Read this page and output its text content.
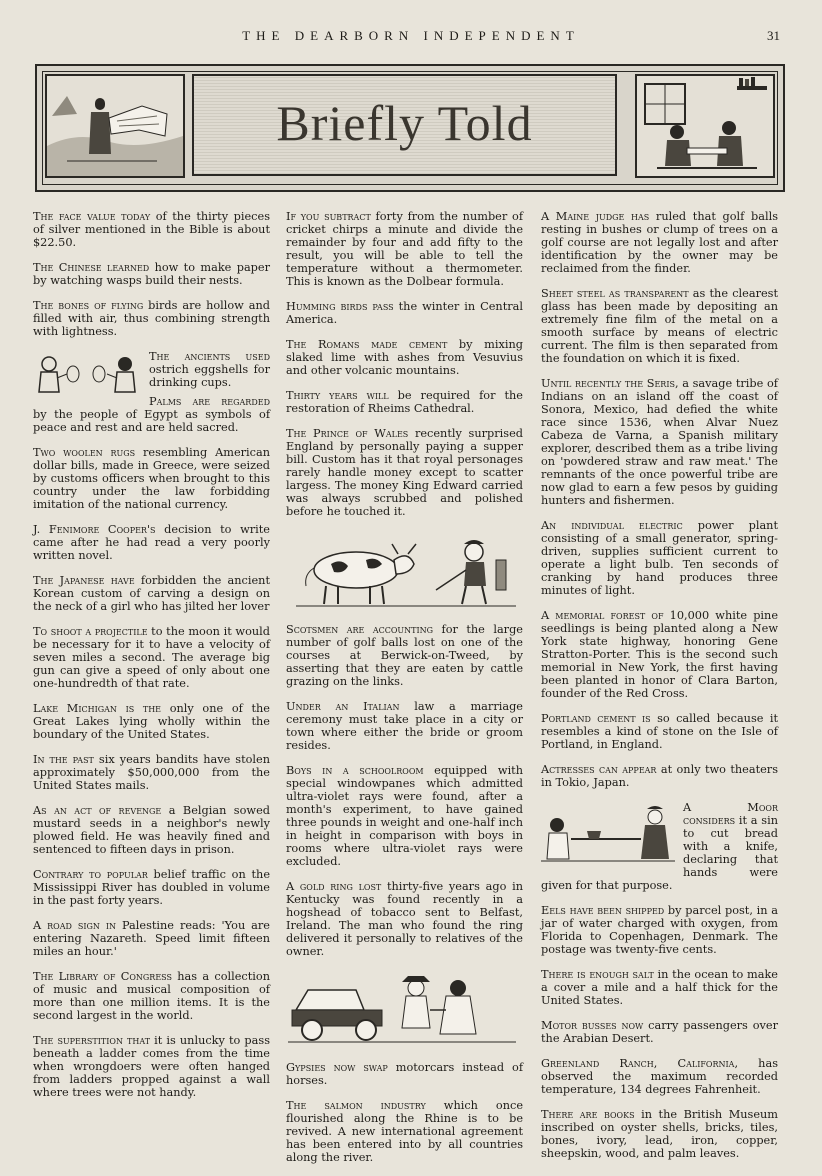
THE DEARBORN INDEPENDENT	31
Briefly Told

The face value today of the thirty pieces of silver mentioned in the Bible is about $22.50.

The Chinese learned how to make paper by watching wasps build their nests.

The bones of flying birds are hollow and filled with air, thus combining strength with lightness.

The ancients used ostrich eggshells for drinking cups.

Palms are regarded by the people of Egypt as symbols of peace and rest and are held sacred.

Two woolen rugs resembling American dollar bills, made in Greece, were seized by customs officers when brought to this country under the law forbidding imitation of the national currency.

J. Fenimore Cooper's decision to write came after he had read a very poorly written novel.

The Japanese have forbidden the ancient Korean custom of carving a design on the neck of a girl who has jilted her lover

To shoot a projectile to the moon it would be necessary for it to have a velocity of seven miles a second. The average big gun can give a speed of only about one one-hundredth of that rate.

Lake Michigan is the only one of the Great Lakes lying wholly within the boundary of the United States.

In the past six years bandits have stolen approximately $50,000,000 from the United States mails.

As an act of revenge a Belgian sowed mustard seeds in a neighbor's newly plowed field. He was heavily fined and sentenced to fifteen days in prison.

Contrary to popular belief traffic on the Mississippi River has doubled in volume in the past forty years.

A road sign in Palestine reads: 'You are entering Nazareth. Speed limit fifteen miles an hour.'

The Library of Congress has a collection of music and musical composition of more than one million items. It is the second largest in the world.

The superstition that it is unlucky to pass beneath a ladder comes from the time when wrongdoers were often hanged from ladders propped against a wall where trees were not handy.

If you subtract forty from the number of cricket chirps a minute and divide the remainder by four and add fifty to the result, you will be able to tell the temperature without a thermometer. This is known as the Dolbear formula.

Humming birds pass the winter in Central America.

The Romans made cement by mixing slaked lime with ashes from Vesuvius and other volcanic mountains.

Thirty years will be required for the restoration of Rheims Cathedral.

The Prince of Wales recently surprised England by personally paying a supper bill. Custom has it that royal personages rarely handle money except to scatter largess. The money King Edward carried was always scrubbed and polished before he touched it.

Scotsmen are accounting for the large number of golf balls lost on one of the courses at Berwick-on-Tweed, by asserting that they are eaten by cattle grazing on the links.

Under an Italian law a marriage ceremony must take place in a city or town where either the bride or groom resides.

Boys in a schoolroom equipped with special windowpanes which admitted ultra-violet rays were found, after a month's experiment, to have gained three pounds in weight and one-half inch in height in comparison with boys in rooms where ultra-violet rays were excluded.

A gold ring lost thirty-five years ago in Kentucky was found recently in a hogshead of tobacco sent to Belfast, Ireland. The man who found the ring delivered it personally to relatives of the owner.

Gypsies now swap motorcars instead of horses.

The salmon industry which once flourished along the Rhine is to be revived. A new international agreement has been entered into by all countries along the river.

A Maine judge has ruled that golf balls resting in bushes or clump of trees on a golf course are not legally lost and after identification by the owner may be reclaimed from the finder.

Sheet steel as transparent as the clearest glass has been made by depositing an extremely fine film of the metal on a smooth surface by means of electric current. The film is then separated from the foundation on which it is fixed.

Until recently the Seris, a savage tribe of Indians on an island off the coast of Sonora, Mexico, had defied the white race since 1536, when Alvar Nuez Cabeza de Varna, a Spanish military explorer, described them as a tribe living on 'powdered straw and raw meat.' The remnants of the once powerful tribe are now glad to earn a few pesos by guiding hunters and fishermen.

An individual electric power plant consisting of a small generator, spring-driven, supplies sufficient current to operate a light bulb. Ten seconds of cranking by hand produces three minutes of light.

A memorial forest of 10,000 white pine seedlings is being planted along a New York state highway, honoring Gene Stratton-Porter. This is the second such memorial in New York, the first having been planted in honor of Clara Barton, founder of the Red Cross.

Portland cement is so called because it resembles a kind of stone on the Isle of Portland, in England.

Actresses can appear at only two theaters in Tokio, Japan.

A Moor considers it a sin to cut bread with a knife, declaring that hands were given for that purpose.

Eels have been shipped by parcel post, in a jar of water charged with oxygen, from Florida to Copenhagen, Denmark. The postage was twenty-five cents.

There is enough salt in the ocean to make a cover a mile and a half thick for the United States.

Motor busses now carry passengers over the Arabian Desert.

Greenland Ranch, California, has observed the maximum recorded temperature, 134 degrees Fahrenheit.

There are books in the British Museum inscribed on oyster shells, bricks, tiles, bones, ivory, lead, iron, copper, sheepskin, wood, and palm leaves.
